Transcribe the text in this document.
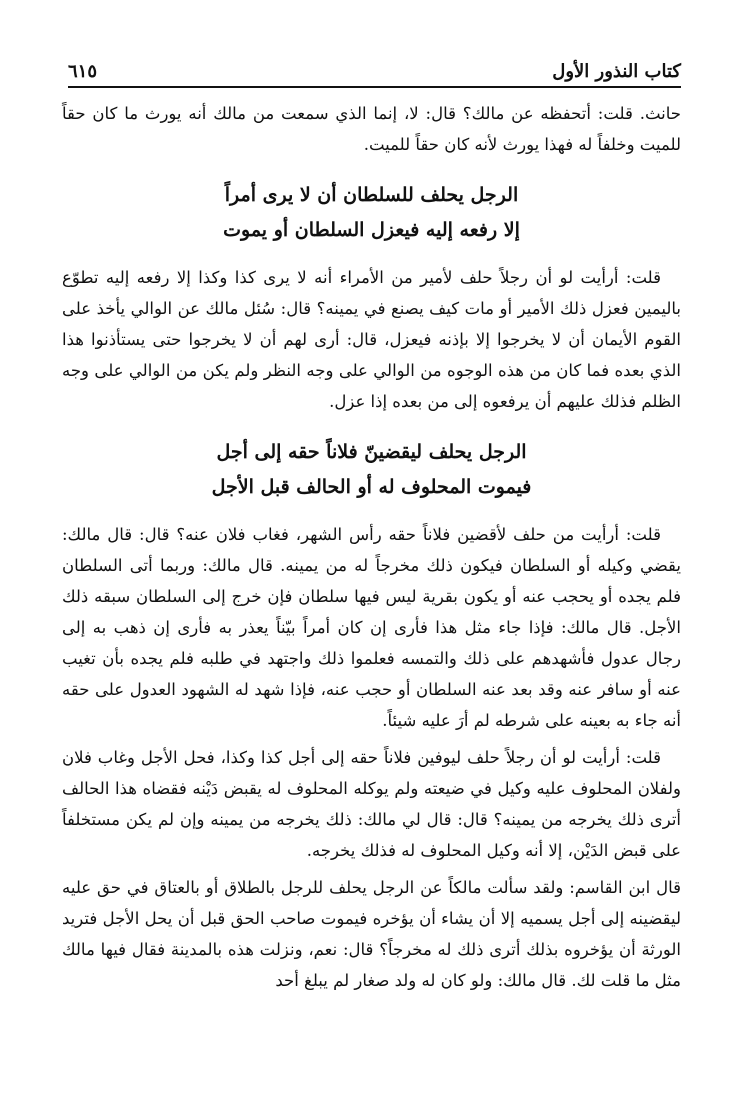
كتاب النذور الأول
٦١٥

حانث. قلت: أتحفظه عن مالك؟ قال: لا، إنما الذي سمعت من مالك أنه يورث ما كان حقاً للميت وخلفاً له فهذا يورث لأنه كان حقاً للميت.

الرجل يحلف للسلطان أن لا يرى أمراً
إلا رفعه إليه فيعزل السلطان أو يموت

قلت: أرأيت لو أن رجلاً حلف لأمير من الأمراء أنه لا يرى كذا وكذا إلا رفعه إليه تطوّع باليمين فعزل ذلك الأمير أو مات كيف يصنع في يمينه؟ قال: سُئل مالك عن الوالي يأخذ على القوم الأيمان أن لا يخرجوا إلا بإذنه فيعزل، قال: أرى لهم أن لا يخرجوا حتى يستأذنوا هذا الذي بعده فما كان من هذه الوجوه من الوالي على وجه النظر ولم يكن من الوالي على وجه الظلم فذلك عليهم أن يرفعوه إلى من بعده إذا عزل.

الرجل يحلف ليقضينّ فلاناً حقه إلى أجل
فيموت المحلوف له أو الحالف قبل الأجل

قلت: أرأيت من حلف لأقضين فلاناً حقه رأس الشهر، فغاب فلان عنه؟ قال: قال مالك: يقضي وكيله أو السلطان فيكون ذلك مخرجاً له من يمينه. قال مالك: وربما أتى السلطان فلم يجده أو يحجب عنه أو يكون بقرية ليس فيها سلطان فإن خرج إلى السلطان سبقه ذلك الأجل. قال مالك: فإذا جاء مثل هذا فأرى إن كان أمراً بيّناً يعذر به فأرى إن ذهب به إلى رجال عدول فأشهدهم على ذلك والتمسه فعلموا ذلك واجتهد في طلبه فلم يجده بأن تغيب عنه أو سافر عنه وقد بعد عنه السلطان أو حجب عنه، فإذا شهد له الشهود العدول على حقه أنه جاء به بعينه على شرطه لم أرَ عليه شيئاً.

قلت: أرأيت لو أن رجلاً حلف ليوفين فلاناً حقه إلى أجل كذا وكذا، فحل الأجل وغاب فلان ولفلان المحلوف عليه وكيل في ضيعته ولم يوكله المحلوف له يقبض دَيْنه فقضاه هذا الحالف أترى ذلك يخرجه من يمينه؟ قال: قال لي مالك: ذلك يخرجه من يمينه وإن لم يكن مستخلفاً على قبض الدَيْن، إلا أنه وكيل المحلوف له فذلك يخرجه.

قال ابن القاسم: ولقد سألت مالكاً عن الرجل يحلف للرجل بالطلاق أو بالعتاق في حق عليه ليقضينه إلى أجل يسميه إلا أن يشاء أن يؤخره فيموت صاحب الحق قبل أن يحل الأجل فتريد الورثة أن يؤخروه بذلك أترى ذلك له مخرجاً؟ قال: نعم، ونزلت هذه بالمدينة فقال فيها مالك مثل ما قلت لك. قال مالك: ولو كان له ولد صغار لم يبلغ أحد
